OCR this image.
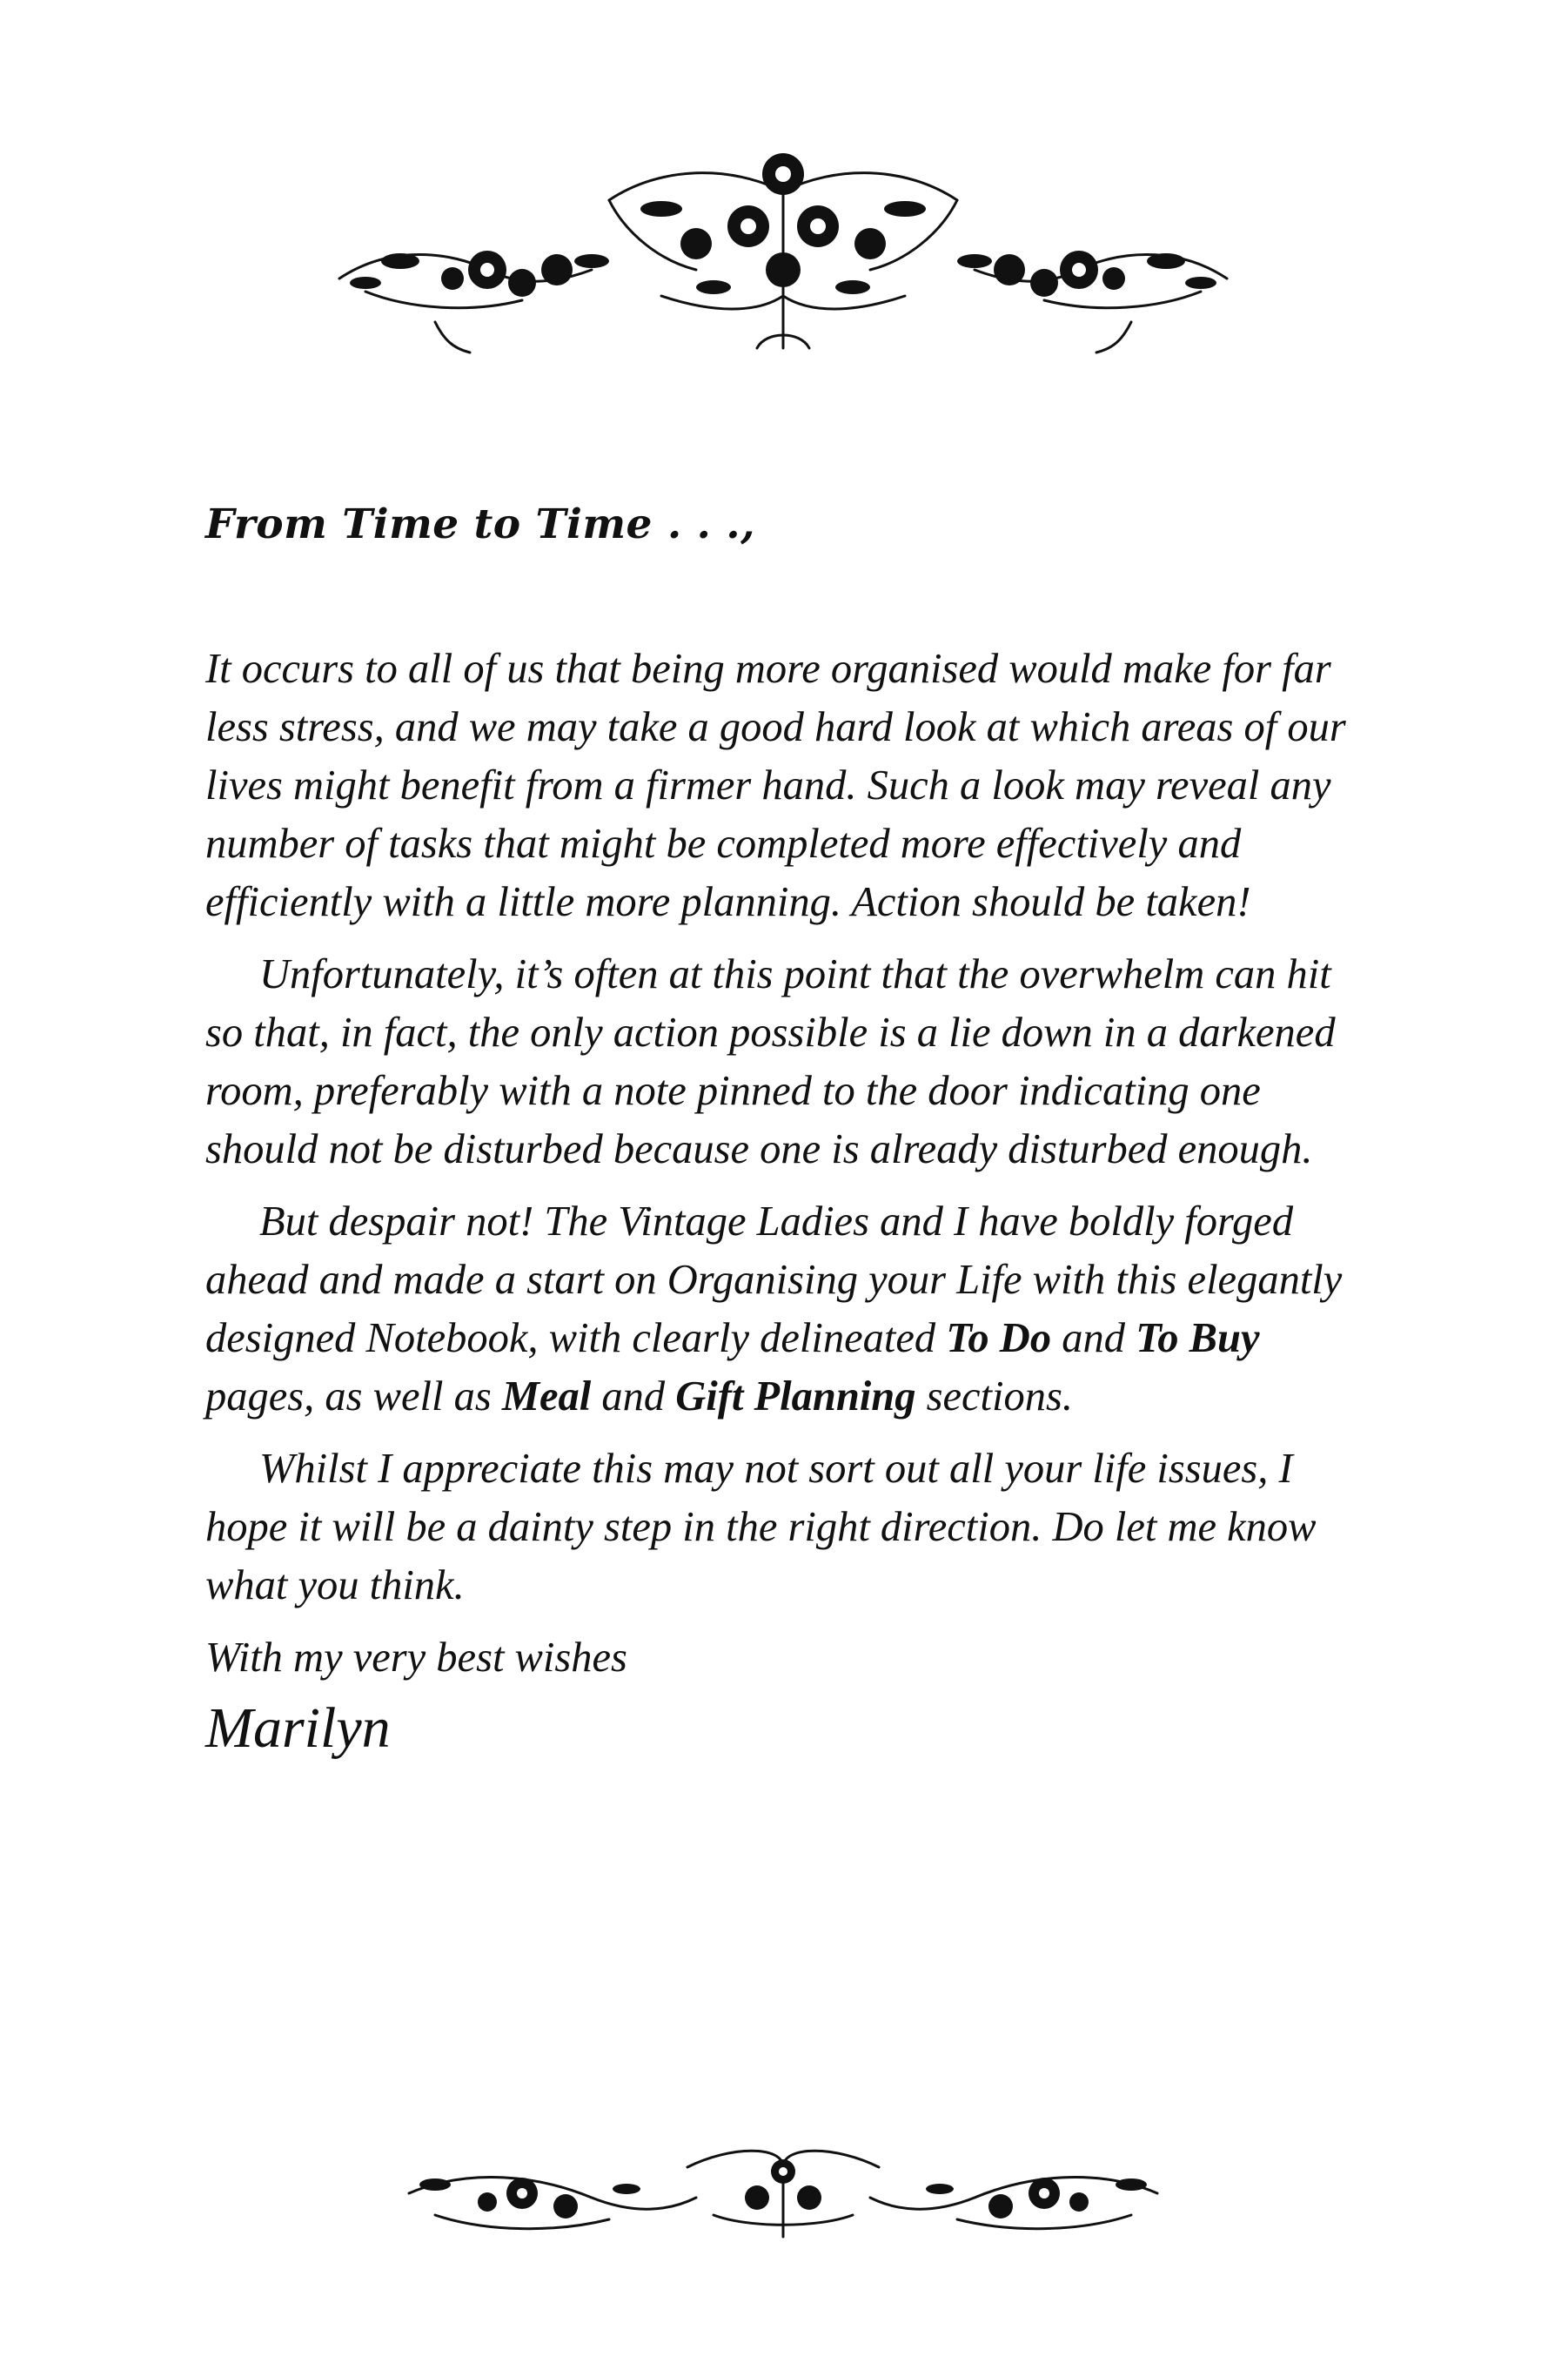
From Time to Time . . .,

It occurs to all of us that being more organised would make for far less stress, and we may take a good hard look at which areas of our lives might benefit from a firmer hand. Such a look may reveal any number of tasks that might be completed more effectively and efficiently with a little more planning. Action should be taken!

Unfortunately, it’s often at this point that the overwhelm can hit so that, in fact, the only action possible is a lie down in a darkened room, preferably with a note pinned to the door indicating one should not be disturbed because one is already disturbed enough.

But despair not! The Vintage Ladies and I have boldly forged ahead and made a start on Organising your Life with this elegantly designed Notebook, with clearly delineated To Do and To Buy pages, as well as Meal and Gift Planning sections.

Whilst I appreciate this may not sort out all your life issues, I hope it will be a dainty step in the right direction. Do let me know what you think.

With my very best wishes

Marilyn
